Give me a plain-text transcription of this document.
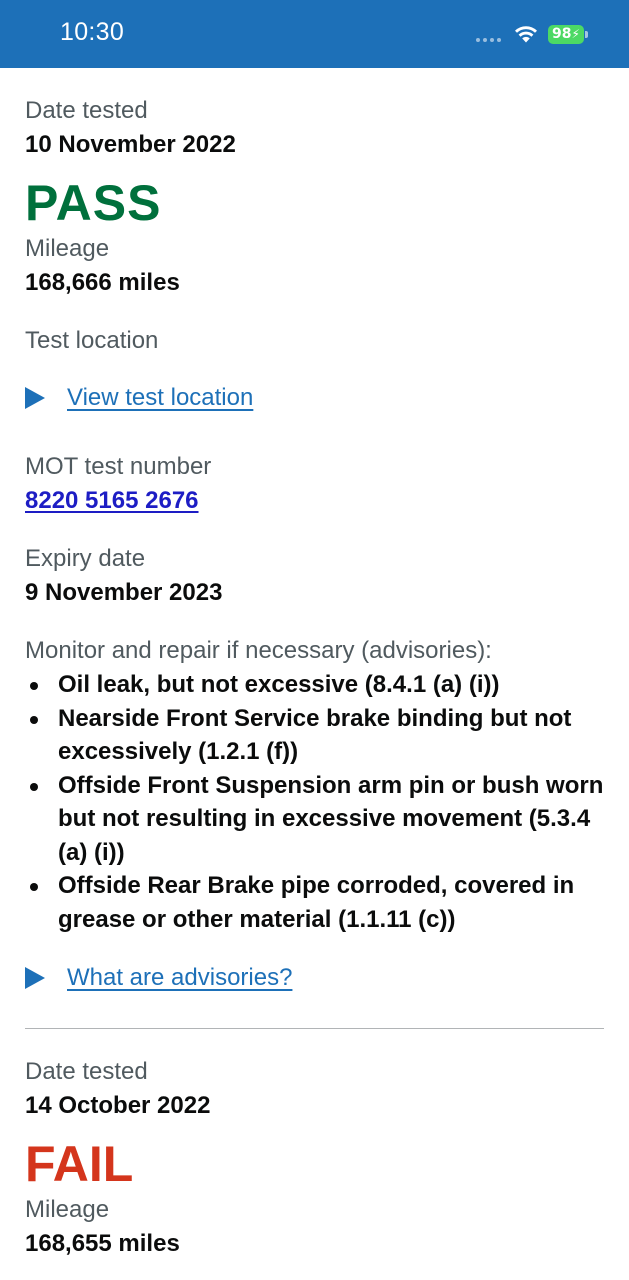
10:30	98⚡

Date tested

10 November 2022

PASS

Mileage

168,666 miles

Test location

View test location

MOT test number

8220 5165 2676

Expiry date

9 November 2023

Monitor and repair if necessary (advisories):

Oil leak, but not excessive (8.4.1 (a) (i))
Nearside Front Service brake binding but not excessively (1.2.1 (f))
Offside Front Suspension arm pin or bush worn but not resulting in excessive movement (5.3.4 (a) (i))
Offside Rear Brake pipe corroded, covered in grease or other material (1.1.11 (c))
What are advisories?

Date tested

14 October 2022

FAIL

Mileage

168,655 miles
